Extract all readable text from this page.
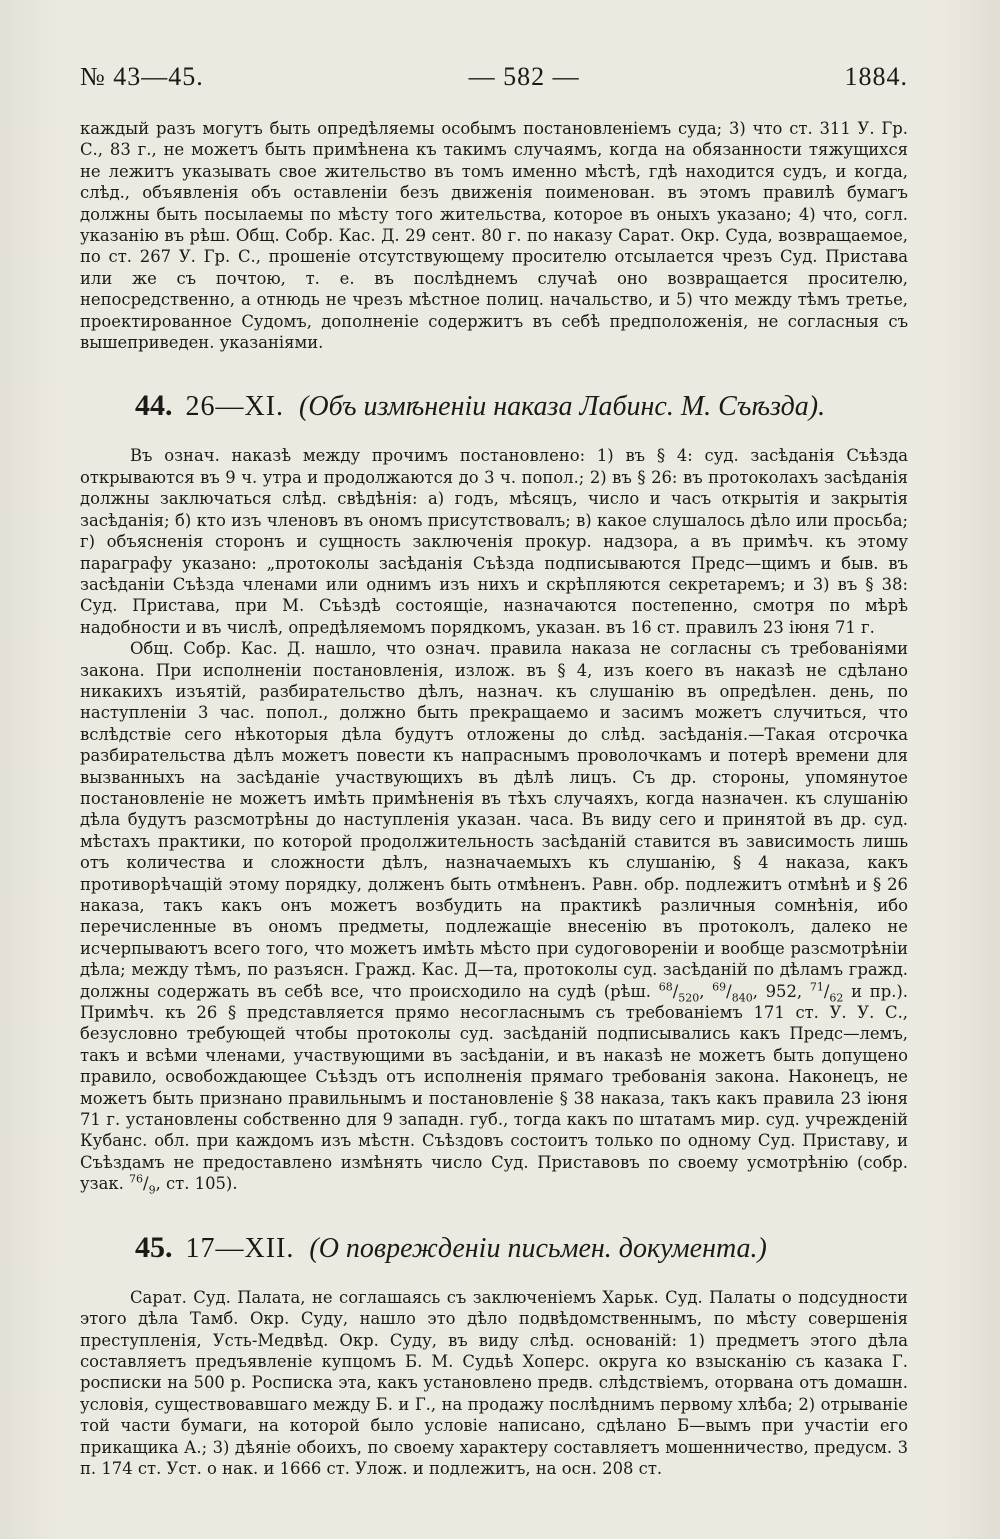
№ 43—45.	— 582 —	1884.

каждый разъ могутъ быть опредѣляемы особымъ постановленіемъ суда; 3) что ст. 311 У. Гр. С., 83 г., не можетъ быть примѣнена къ такимъ случаямъ, когда на обязанности тяжущихся не лежитъ указывать свое жительство въ томъ именно мѣстѣ, гдѣ находится судъ, и когда, слѣд., объявленія объ оставленіи безъ движенія поименован. въ этомъ правилѣ бумагъ должны быть посылаемы по мѣсту того жительства, которое въ оныхъ указано; 4) что, согл. указанію въ рѣш. Общ. Собр. Кас. Д. 29 сент. 80 г. по наказу Сарат. Окр. Суда, возвращаемое, по ст. 267 У. Гр. С., прошеніе отсутствующему просителю отсылается чрезъ Суд. Пристава или же съ почтою, т. е. въ послѣднемъ случаѣ оно возвращается просителю, непосредственно, а отнюдь не чрезъ мѣстное полиц. начальство, и 5) что между тѣмъ третье, проектированное Судомъ, дополненіе содержитъ въ себѣ предположенія, не согласныя съ вышеприведен. указаніями.

44. 26—XI. (Объ измѣненіи наказа Лабинс. М. Съѣзда).

Въ означ. наказѣ между прочимъ постановлено: 1) въ § 4: суд. засѣданія Съѣзда открываются въ 9 ч. утра и продолжаются до 3 ч. попол.; 2) въ § 26: въ протоколахъ засѣданія должны заключаться слѣд. свѣдѣнія: а) годъ, мѣсяцъ, число и часъ открытія и закрытія засѣданія; б) кто изъ членовъ въ ономъ присутствовалъ; в) какое слушалось дѣло или просьба; г) объясненія сторонъ и сущность заключенія прокур. надзора, а въ примѣч. къ этому параграфу указано: „протоколы засѣданія Съѣзда подписываются Предс—щимъ и быв. въ засѣданіи Съѣзда членами или однимъ изъ нихъ и скрѣпляются секретаремъ; и 3) въ § 38: Суд. Пристава, при М. Съѣздѣ состоящіе, назначаются постепенно, смотря по мѣрѣ надобности и въ числѣ, опредѣляемомъ порядкомъ, указан. въ 16 ст. правилъ 23 іюня 71 г.

Общ. Собр. Кас. Д. нашло, что означ. правила наказа не согласны съ требованіями закона. При исполненіи постановленія, излож. въ § 4, изъ коего въ наказѣ не сдѣлано никакихъ изъятій, разбирательство дѣлъ, назнач. къ слушанію въ опредѣлен. день, по наступленіи 3 час. попол., должно быть прекращаемо и засимъ можетъ случиться, что вслѣдствіе сего нѣкоторыя дѣла будутъ отложены до слѣд. засѣданія.—Такая отсрочка разбирательства дѣлъ можетъ повести къ напраснымъ проволочкамъ и потерѣ времени для вызванныхъ на засѣданіе участвующихъ въ дѣлѣ лицъ. Съ др. стороны, упомянутое постановленіе не можетъ имѣть примѣненія въ тѣхъ случаяхъ, когда назначен. къ слушанію дѣла будутъ разсмотрѣны до наступленія указан. часа. Въ виду сего и принятой въ др. суд. мѣстахъ практики, по которой продолжительность засѣданій ставится въ зависимость лишь отъ количества и сложности дѣлъ, назначаемыхъ къ слушанію, § 4 наказа, какъ противорѣчащій этому порядку, долженъ быть отмѣненъ. Равн. обр. подлежитъ отмѣнѣ и § 26 наказа, такъ какъ онъ можетъ возбудить на практикѣ различныя сомнѣнія, ибо перечисленные въ ономъ предметы, подлежащіе внесенію въ протоколъ, далеко не исчерпываютъ всего того, что можетъ имѣть мѣсто при судоговореніи и вообще разсмотрѣніи дѣла; между тѣмъ, по разъясн. Гражд. Кас. Д—та, протоколы суд. засѣданій по дѣламъ гражд. должны содержать въ себѣ все, что происходило на судѣ (рѣш. $^{68}/_{520}$, $^{69}/_{840}$, 952, $^{71}/_{62}$ и пр.). Примѣч. къ 26 § представляется прямо несогласнымъ съ требованіемъ 171 ст. У. У. С., безусловно требующей чтобы протоколы суд. засѣданій подписывались какъ Предс—лемъ, такъ и всѣми членами, участвующими въ засѣданіи, и въ наказѣ не можетъ быть допущено правило, освобождающее Съѣздъ отъ исполненія прямаго требованія закона. Наконецъ, не можетъ быть признано правильнымъ и постановленіе § 38 наказа, такъ какъ правила 23 іюня 71 г. установлены собственно для 9 западн. губ., тогда какъ по штатамъ мир. суд. учрежденій Кубанс. обл. при каждомъ изъ мѣстн. Съѣздовъ состоитъ только по одному Суд. Приставу, и Съѣздамъ не предоставлено измѣнять число Суд. Приставовъ по своему усмотрѣнію (собр. узак. $^{76}/_9$, ст. 105).

45. 17—XII. (О поврежденіи письмен. документа.)

Сарат. Суд. Палата, не соглашаясь съ заключеніемъ Харьк. Суд. Палаты о подсудности этого дѣла Тамб. Окр. Суду, нашло это дѣло подвѣдомственнымъ, по мѣсту совершенія преступленія, Усть-Медвѣд. Окр. Суду, въ виду слѣд. основаній: 1) предметъ этого дѣла составляетъ предъявленіе купцомъ Б. М. Судьѣ Хоперс. округа ко взысканію съ казака Г. росписки на 500 р. Росписка эта, какъ установлено предв. слѣдствіемъ, оторвана отъ домашн. условія, существовавшаго между Б. и Г., на продажу послѣднимъ первому хлѣба; 2) отрываніе той части бумаги, на которой было условіе написано, сдѣлано Б—вымъ при участіи его прикащика А.; 3) дѣяніе обоихъ, по своему характеру составляетъ мошенничество, предусм. 3 п. 174 ст. Уст. о нак. и 1666 ст. Улож. и подлежитъ, на осн. 208 ст.
